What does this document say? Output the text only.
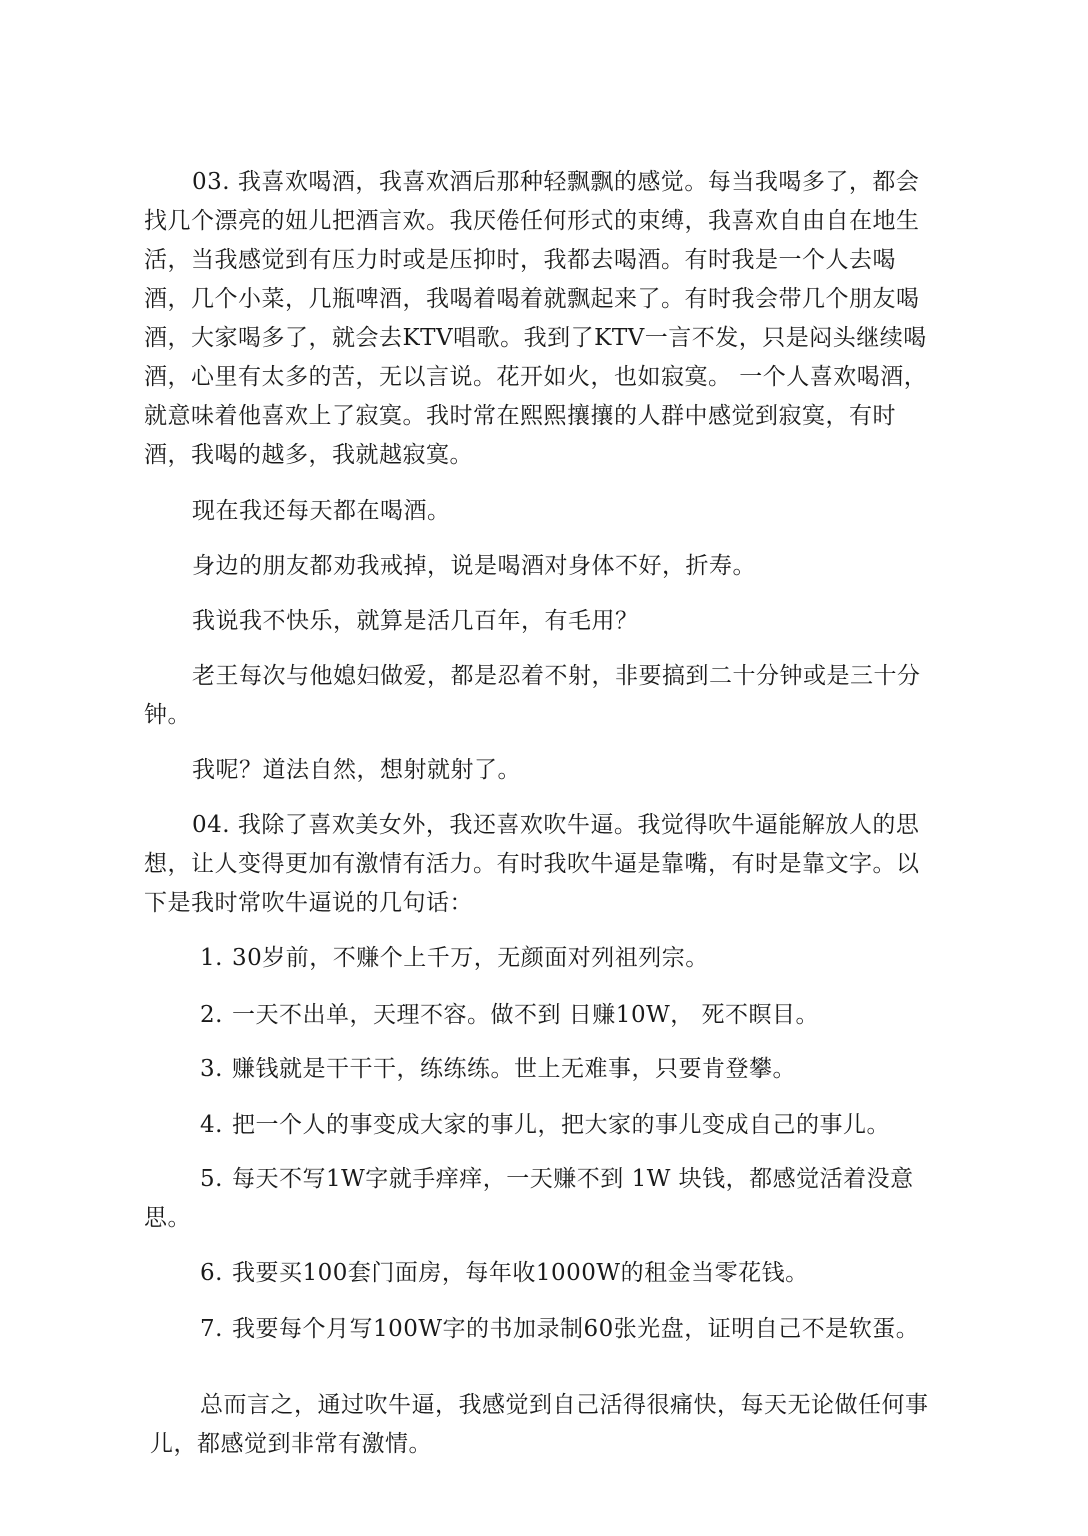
03. 我喜欢喝酒，我喜欢酒后那种轻飘飘的感觉。每当我喝多了，都会找几个漂亮的妞儿把酒言欢。我厌倦任何形式的束缚，我喜欢自由自在地生活，当我感觉到有压力时或是压抑时，我都去喝酒。有时我是一个人去喝酒，几个小菜，几瓶啤酒，我喝着喝着就飘起来了。有时我会带几个朋友喝酒，大家喝多了，就会去KTV唱歌。我到了KTV一言不发，只是闷头继续喝酒，心里有太多的苦，无以言说。花开如火，也如寂寞。 一个人喜欢喝酒，就意味着他喜欢上了寂寞。我时常在熙熙攘攘的人群中感觉到寂寞，有时酒，我喝的越多，我就越寂寞。

现在我还每天都在喝酒。

身边的朋友都劝我戒掉，说是喝酒对身体不好，折寿。

我说我不快乐，就算是活几百年，有毛用？

老王每次与他媳妇做爱，都是忍着不射，非要搞到二十分钟或是三十分钟。

我呢？道法自然，想射就射了。

04. 我除了喜欢美女外，我还喜欢吹牛逼。我觉得吹牛逼能解放人的思想，让人变得更加有激情有活力。有时我吹牛逼是靠嘴，有时是靠文字。以下是我时常吹牛逼说的几句话：

1. 30岁前，不赚个上千万，无颜面对列祖列宗。
2. 一天不出单，天理不容。做不到 日赚10W， 死不瞑目。
3. 赚钱就是干干干，练练练。世上无难事，只要肯登攀。
4. 把一个人的事变成大家的事儿，把大家的事儿变成自己的事儿。
5. 每天不写1W字就手痒痒，一天赚不到 1W 块钱，都感觉活着没意思。
6. 我要买100套门面房，每年收1000W的租金当零花钱。
7. 我要每个月写100W字的书加录制60张光盘，证明自己不是软蛋。

总而言之，通过吹牛逼，我感觉到自己活得很痛快，每天无论做任何事儿，都感觉到非常有激情。
